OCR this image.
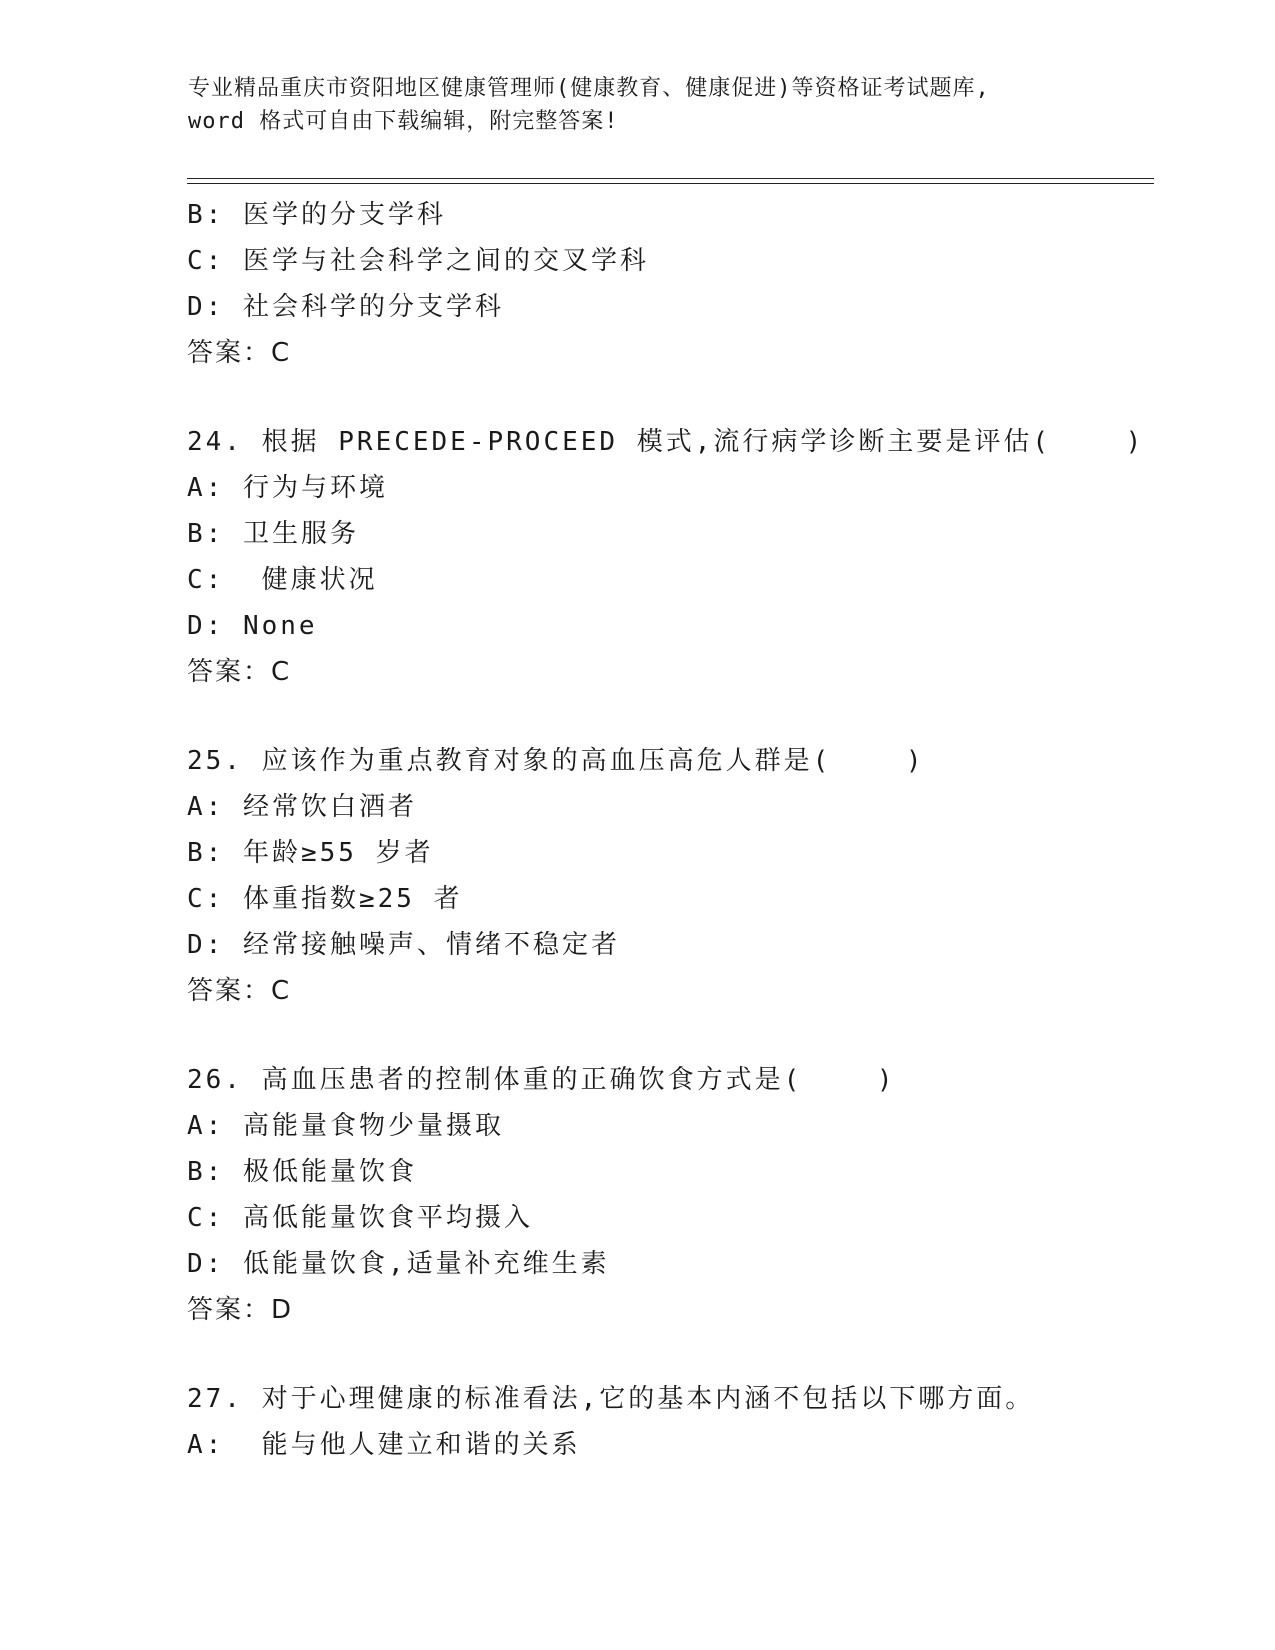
专业精品重庆市资阳地区健康管理师(健康教育、健康促进)等资格证考试题库,
word 格式可自由下载编辑，附完整答案!
B: 医学的分支学科
C: 医学与社会科学之间的交叉学科
D: 社会科学的分支学科
答案：C
24. 根据 PRECEDE-PROCEED 模式,流行病学诊断主要是评估(    )
A: 行为与环境
B: 卫生服务
C:  健康状况
D: None
答案：C
25. 应该作为重点教育对象的高血压高危人群是(    )
A: 经常饮白酒者
B: 年龄≥55 岁者
C: 体重指数≥25 者
D: 经常接触噪声、情绪不稳定者
答案：C
26. 高血压患者的控制体重的正确饮食方式是(    )
A: 高能量食物少量摄取
B: 极低能量饮食
C: 高低能量饮食平均摄入
D: 低能量饮食,适量补充维生素
答案：D
27. 对于心理健康的标准看法,它的基本内涵不包括以下哪方面。
A:  能与他人建立和谐的关系
